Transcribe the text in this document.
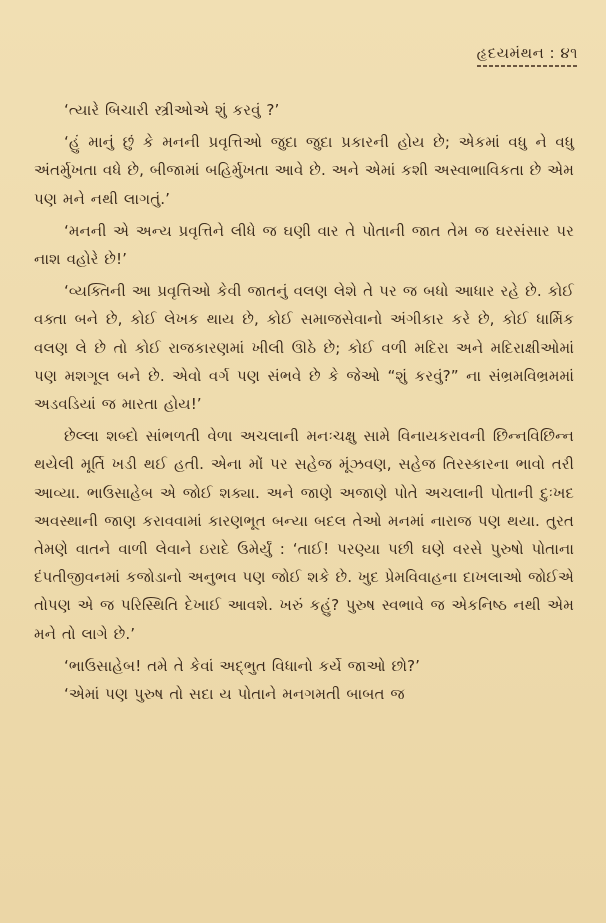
હૃદયમંથન : ૪૧

‘ત્યારે બિચારી સ્ત્રીઓએ શું કરવું ?’

‘હું માનું છું કે મનની પ્રવૃત્તિઓ જુદા જુદા પ્રકારની હોય છે; એકમાં વધુ ને વધુ અંતર્મુખતા વધે છે, બીજામાં બહિર્મુખતા આવે છે. અને એમાં કશી અસ્વાભાવિકતા છે એમ પણ મને નથી લાગતું.’

‘મનની એ અન્ય પ્રવૃત્તિને લીધે જ ઘણી વાર તે પોતાની જાત તેમ જ ઘરસંસાર પર નાશ વહોરે છે!’

‘વ્યક્તિની આ પ્રવૃત્તિઓ કેવી જાતનું વલણ લેશે તે પર જ બધો આધાર રહે છે. કોઈ વક્તા બને છે, કોઈ લેખક થાય છે, કોઈ સમાજસેવાનો અંગીકાર કરે છે, કોઈ ધાર્મિક વલણ લે છે તો કોઈ રાજકારણમાં ખીલી ઊઠે છે; કોઈ વળી મદિરા અને મદિરાક્ષીઓમાં પણ મશગૂલ બને છે. એવો વર્ગ પણ સંભવે છે કે જેઓ “શું કરવું?” ના સંભ્રમવિભ્રમમાં અડવડિયાં જ મારતા હોય!’

છેલ્લા શબ્દો સાંભળતી વેળા અચલાની મનઃચક્ષુ સામે વિનાયકરાવની છિન્નવિછિન્ન થયેલી મૂર્તિ ખડી થઈ હતી. એના મોં પર સહેજ મૂંઝવણ, સહેજ તિરસ્કારના ભાવો તરી આવ્યા. ભાઉસાહેબ એ જોઈ શક્યા. અને જાણે અજાણે પોતે અચલાની પોતાની દુઃખદ અવસ્થાની જાણ કરાવવામાં કારણભૂત બન્યા બદલ તેઓ મનમાં નારાજ પણ થયા. તુરત તેમણે વાતને વાળી લેવાને ઇરાદે ઉમેર્યું : ‘તાઈ! પરણ્યા પછી ઘણે વરસે પુરુષો પોતાના દંપતીજીવનમાં કજોડાનો અનુભવ પણ જોઈ શકે છે. ખુદ પ્રેમવિવાહના દાખલાઓ જોઈએ તોપણ એ જ પરિસ્થિતિ દેખાઈ આવશે. ખરું કહું? પુરુષ સ્વભાવે જ એકનિષ્ઠ નથી એમ મને તો લાગે છે.’

‘ભાઉસાહેબ! તમે તે કેવાં અદ્ભુત વિધાનો કર્યે જાઓ છો?’

‘એમાં પણ પુરુષ તો સદા ય પોતાને મનગમતી બાબત જ
